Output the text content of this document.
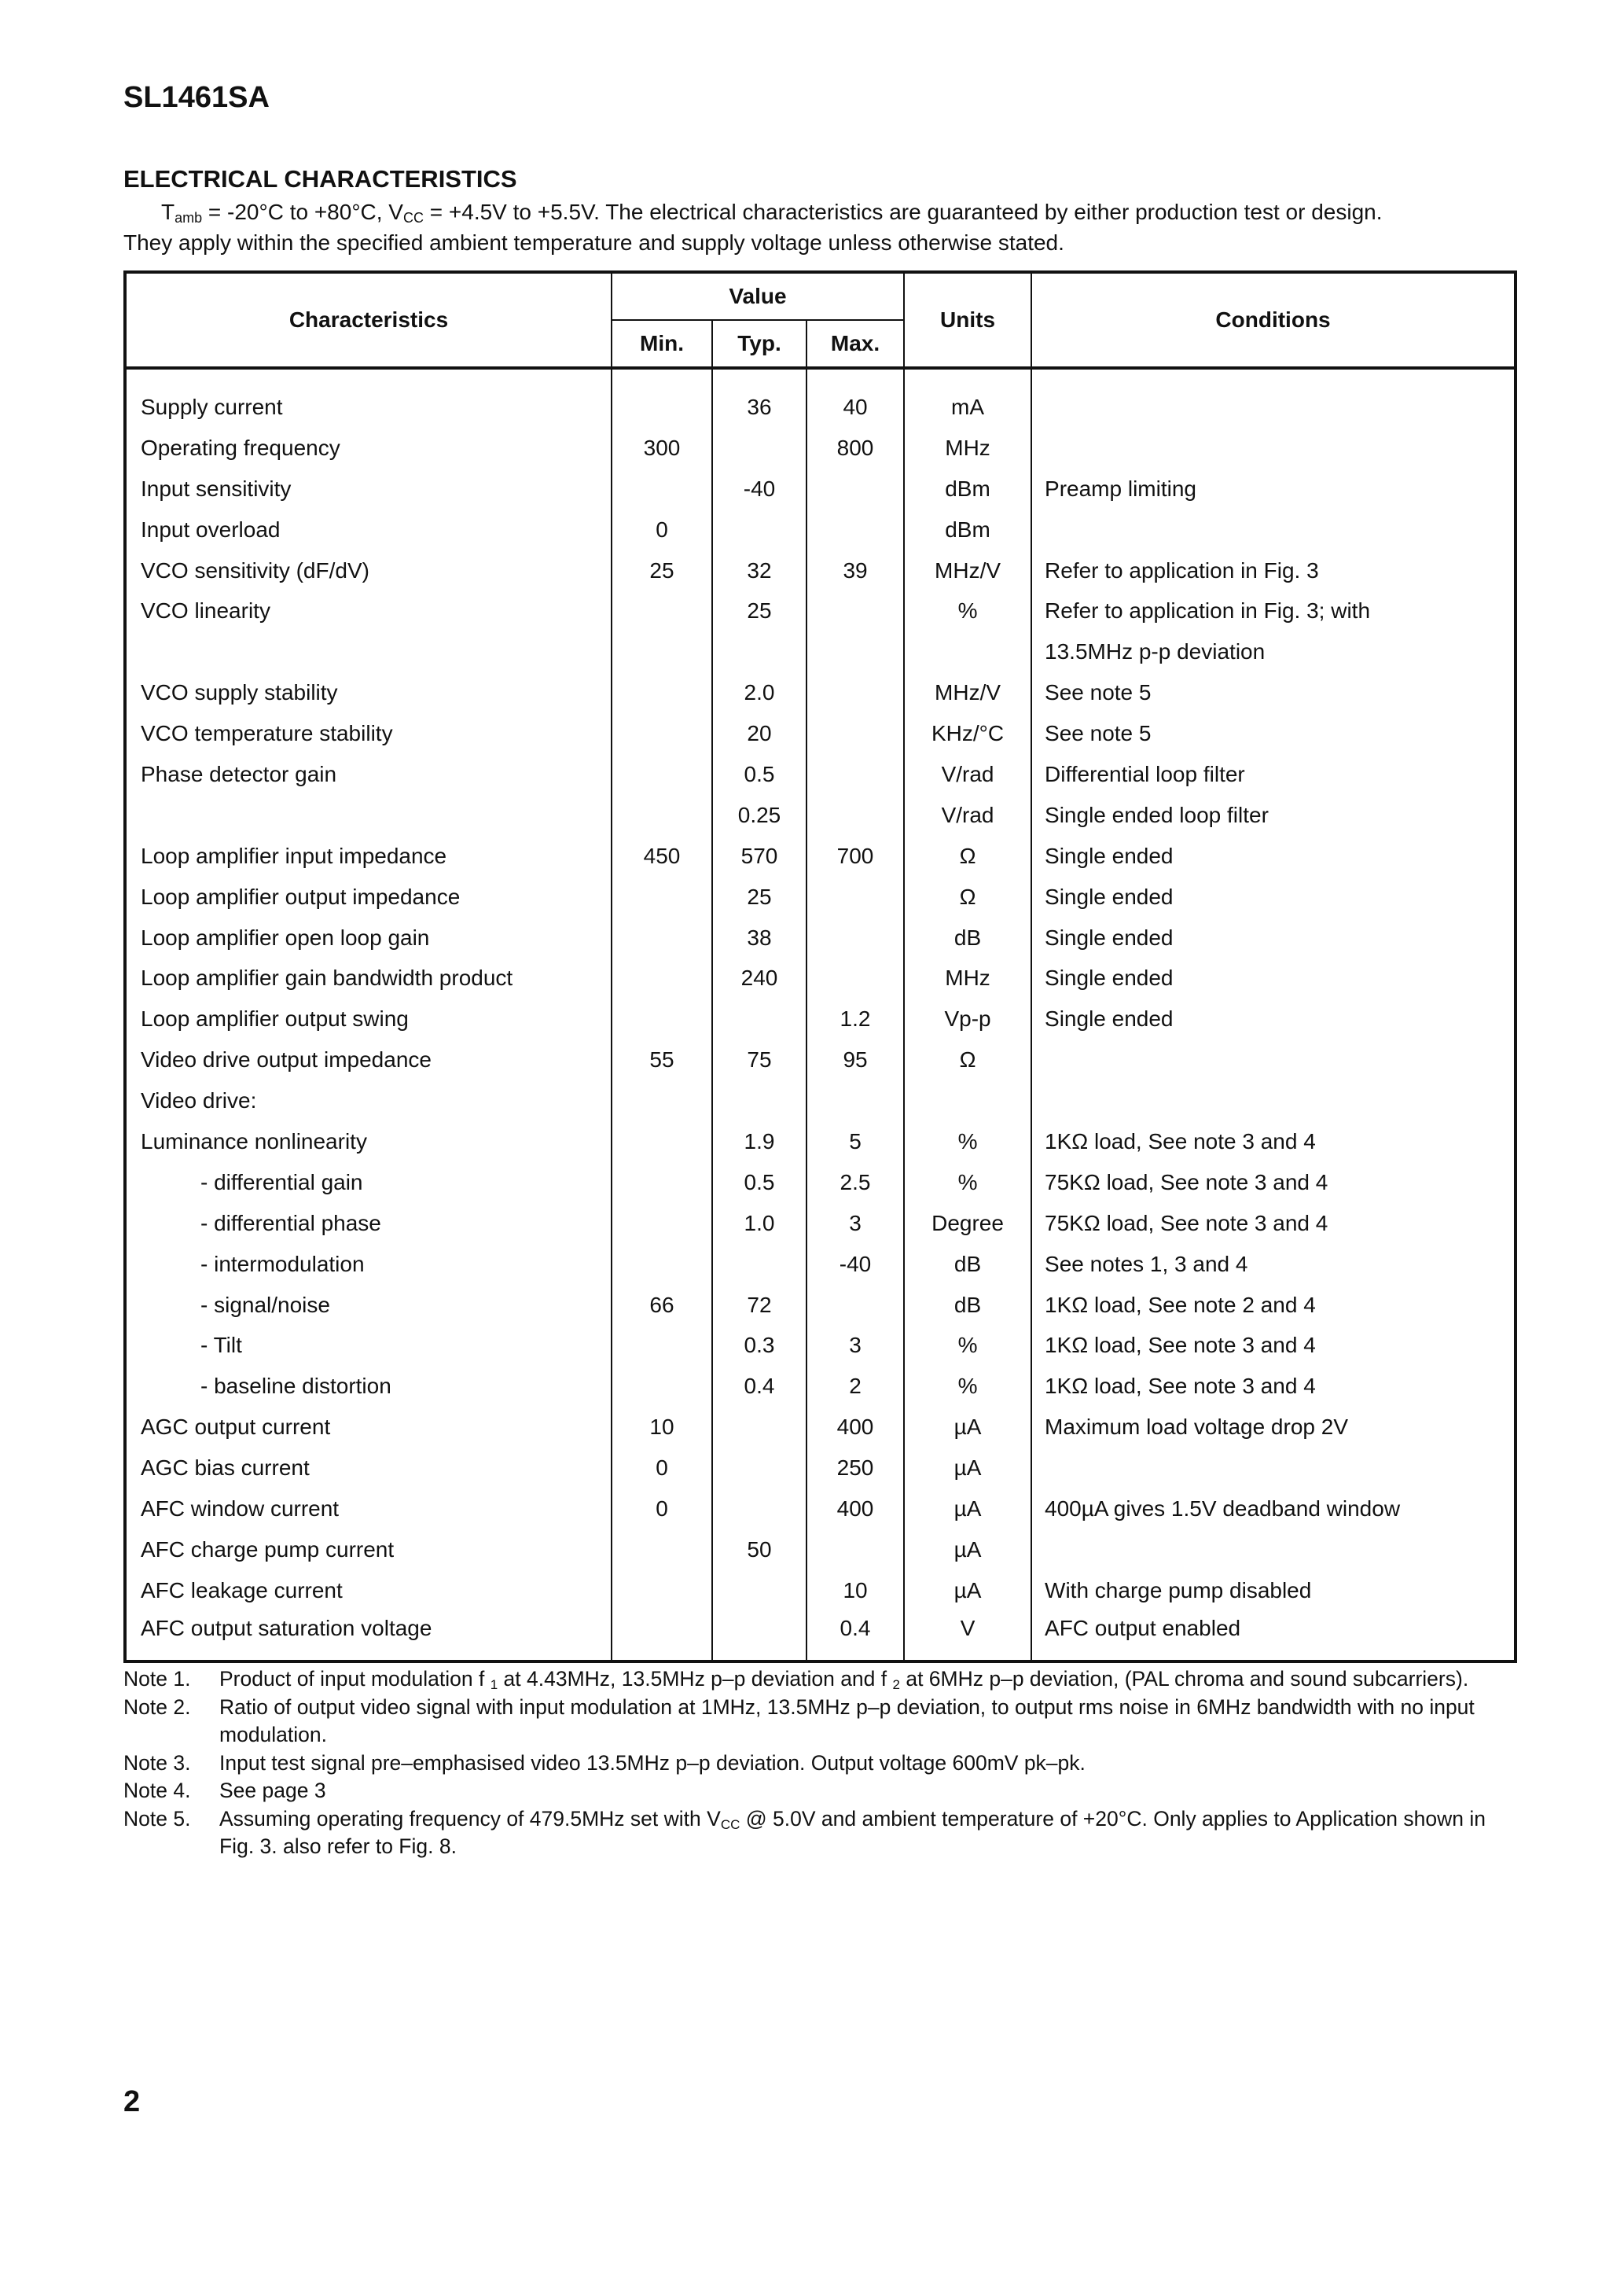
SL1461SA
ELECTRICAL CHARACTERISTICS

$T_{amb} = -20^\circ C$ to +80°C, $V_{CC} = +4.5V$ to +5.5V. The electrical characteristics are guaranteed by either production test or design.
They apply within the specified ambient temperature and supply voltage unless otherwise stated.

Characteristics	Value			Units	Conditions
	Min.	Typ.	Max.		

Supply current		36	40	mA	
Operating frequency	300		800	MHz	
Input sensitivity		-40		dBm	Preamp limiting
Input overload	0			dBm	
VCO sensitivity (dF/dV)	25	32	39	MHz/V	Refer to application in Fig. 3
VCO linearity		25		%	Refer to application in Fig. 3; with
					13.5MHz p-p deviation
VCO supply stability		2.0		MHz/V	See note 5
VCO temperature stability		20		KHz/°C	See note 5
Phase detector gain		0.5		V/rad	Differential loop filter
		0.25		V/rad	Single ended loop filter
Loop amplifier input impedance	450	570	700	Ω	Single ended
Loop amplifier output impedance		25		Ω	Single ended
Loop amplifier open loop gain		38		dB	Single ended
Loop amplifier gain bandwidth product		240		MHz	Single ended
Loop amplifier output swing			1.2	Vp-p	Single ended
Video drive output impedance	55	75	95	Ω	
Video drive:					
Luminance nonlinearity		1.9	5	%	1KΩ load, See note 3 and 4
- differential gain		0.5	2.5	%	75KΩ load, See note 3 and 4
- differential phase		1.0	3	Degree	75KΩ load, See note 3 and 4
- intermodulation			-40	dB	See notes 1, 3 and 4
- signal/noise	66	72		dB	1KΩ load, See note 2 and 4
- Tilt		0.3	3	%	1KΩ load, See note 3 and 4
- baseline distortion		0.4	2	%	1KΩ load, See note 3 and 4
AGC output current	10		400	µA	Maximum load voltage drop 2V
AGC bias current	0		250	µA	
AFC window current	0		400	µA	400µA gives 1.5V deadband window
AFC charge pump current		50		µA	
AFC leakage current			10	µA	With charge pump disabled
AFC output saturation voltage			0.4	V	AFC output enabled
Note 1.	Product of input modulation f $_1$ at 4.43MHz, 13.5MHz p–p deviation and f $_2$ at 6MHz p–p deviation, (PAL chroma and sound subcarriers).
Note 2.	Ratio of output video signal with input modulation at 1MHz, 13.5MHz p–p deviation, to output rms noise in 6MHz bandwidth with no input modulation.
Note 3.	Input test signal pre–emphasised video 13.5MHz p–p deviation. Output voltage 600mV pk–pk.
Note 4.	See page 3
Note 5.	Assuming operating frequency of 479.5MHz set with $V_{CC}$ @ 5.0V and ambient temperature of +20°C. Only applies to Application shown in Fig. 3. also refer to Fig. 8.
2
